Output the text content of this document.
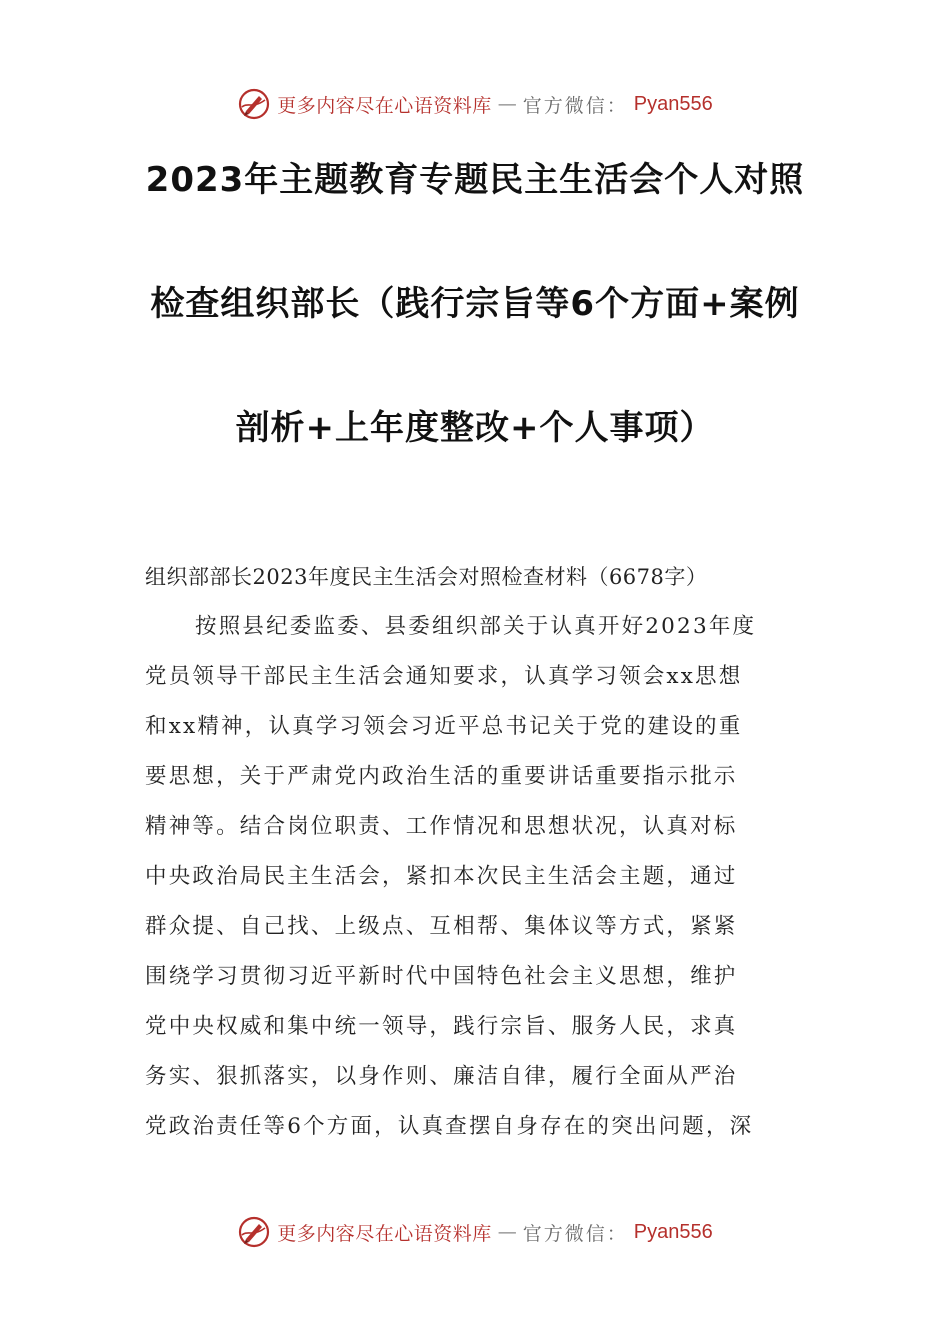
更多内容尽在心语资料库 — 官方微信： Pyan556

2023年主题教育专题民主生活会个人对照

检查组织部长（践行宗旨等6个方面+案例

剖析+上年度整改+个人事项）

组织部部长2023年度民主生活会对照检查材料（6678字）

按照县纪委监委、县委组织部关于认真开好2023年度

党员领导干部民主生活会通知要求，认真学习领会xx思想

和xx精神，认真学习领会习近平总书记关于党的建设的重

要思想，关于严肃党内政治生活的重要讲话重要指示批示

精神等。结合岗位职责、工作情况和思想状况，认真对标

中央政治局民主生活会，紧扣本次民主生活会主题，通过

群众提、自己找、上级点、互相帮、集体议等方式，紧紧

围绕学习贯彻习近平新时代中国特色社会主义思想，维护

党中央权威和集中统一领导，践行宗旨、服务人民，求真

务实、狠抓落实，以身作则、廉洁自律，履行全面从严治

党政治责任等6个方面，认真查摆自身存在的突出问题，深

更多内容尽在心语资料库 — 官方微信： Pyan556
